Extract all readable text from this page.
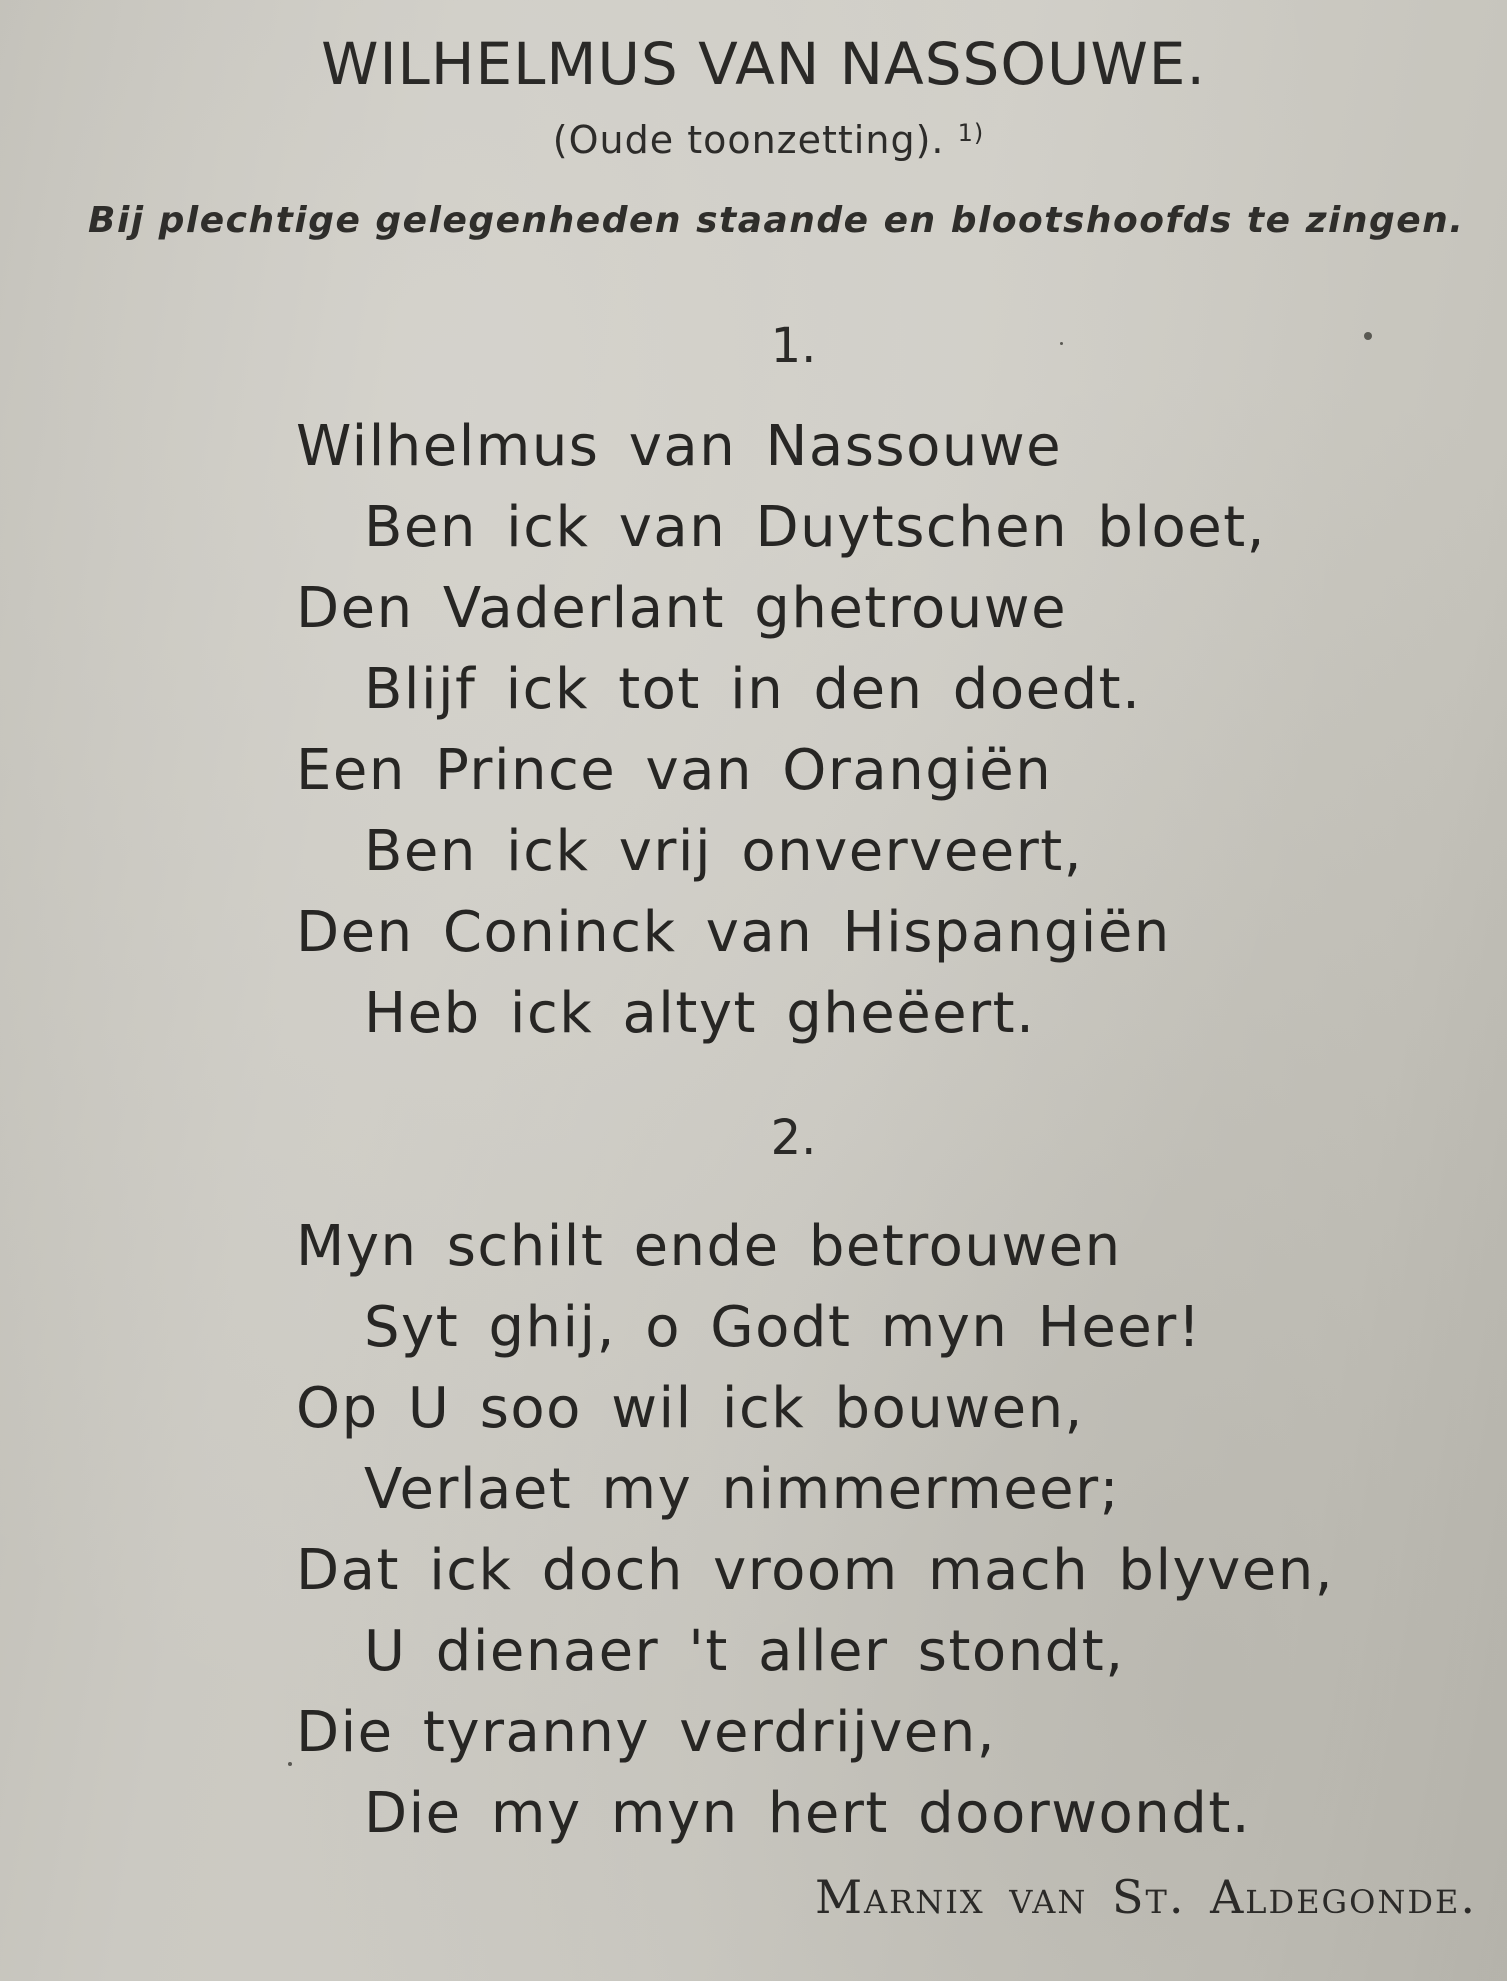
WILHELMUS VAN NASSOUWE.
(Oude toonzetting). $^{1)}$
Bij plechtige gelegenheden staande en blootshoofds te zingen.
1.
Wilhelmus van Nassouwe
Ben ick van Duytschen bloet,
Den Vaderlant ghetrouwe
Blijf ick tot in den doedt.
Een Prince van Orangiën
Ben ick vrij onverveert,
Den Coninck van Hispangiën
Heb ick altyt gheëert.
2.
Myn schilt ende betrouwen
Syt ghij, o Godt myn Heer!
Op U soo wil ick bouwen,
Verlaet my nimmermeer;
Dat ick doch vroom mach blyven,
U dienaer 't aller stondt,
Die tyranny verdrijven,
Die my myn hert doorwondt.
Marnix van St. Aldegonde.
